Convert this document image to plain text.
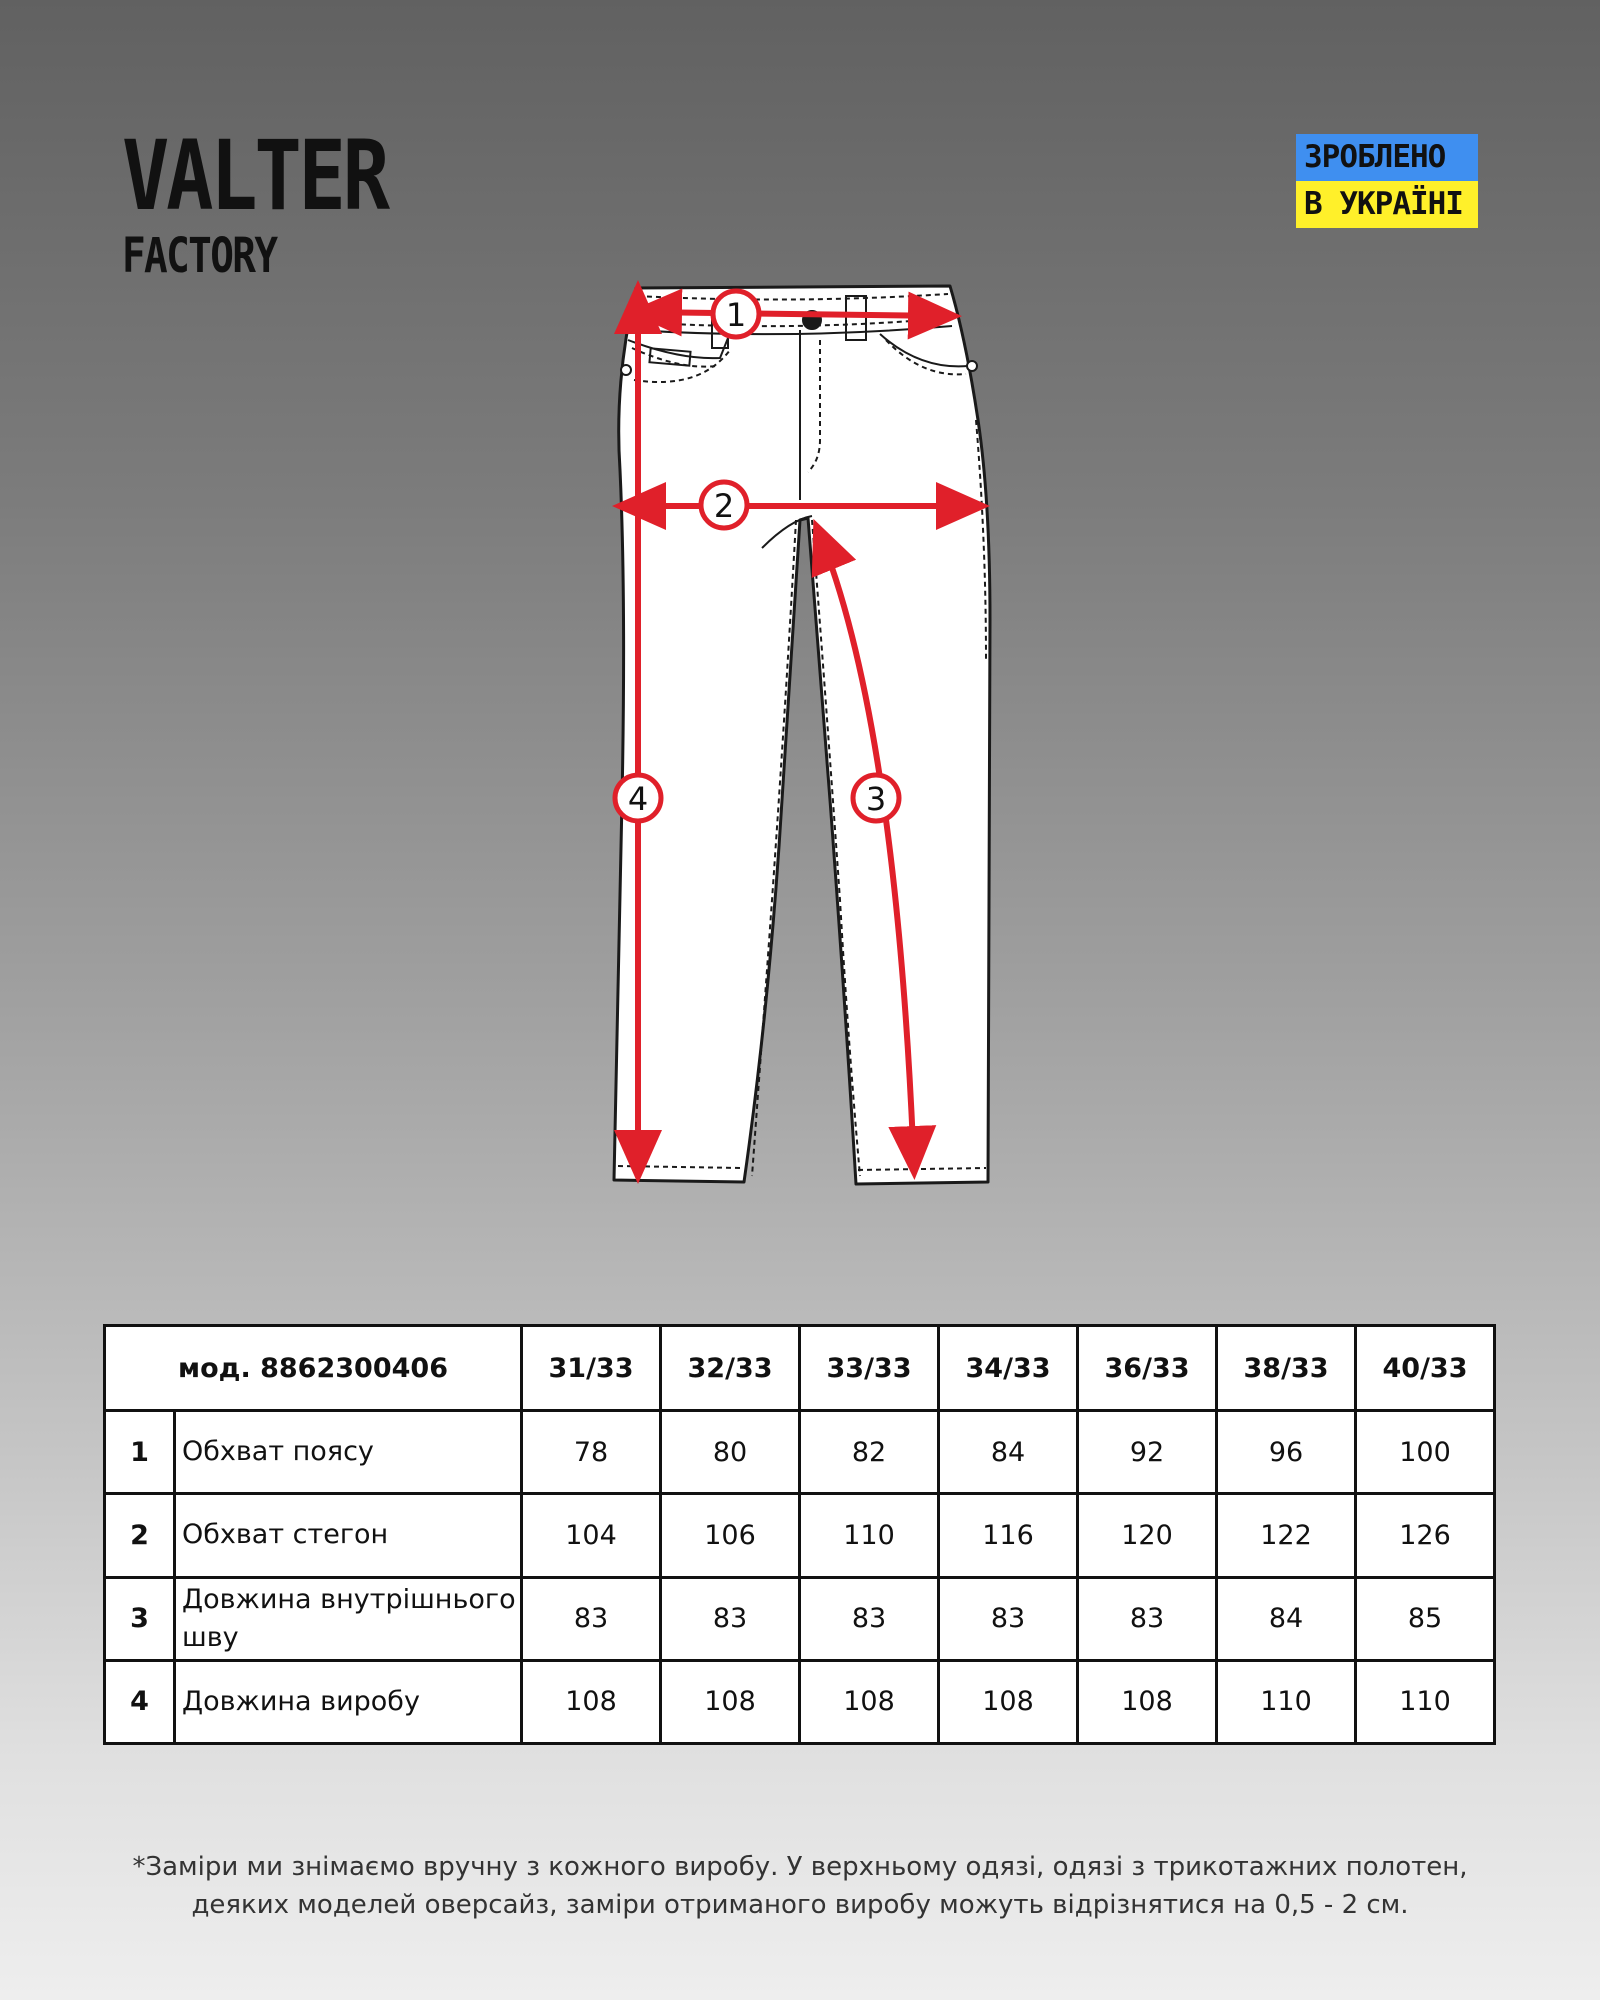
VALTER
FACTORY
ЗРОБЛЕНО
В УКРАЇНІ
1
2
3
4
мод. 8862300406		31/33	32/33	33/33	34/33	36/33	38/33	40/33
1	Обхват поясу	78	80	82	84	92	96	100
2	Обхват стегон	104	106	110	116	120	122	126
3	Довжина внутрішнього шву	83	83	83	83	83	84	85
4	Довжина виробу	108	108	108	108	108	110	110
*Заміри ми знімаємо вручну з кожного виробу. У верхньому одязі, одязі з трикотажних полотен,
деяких моделей оверсайз, заміри отриманого виробу можуть відрізнятися на 0,5 - 2 см.
